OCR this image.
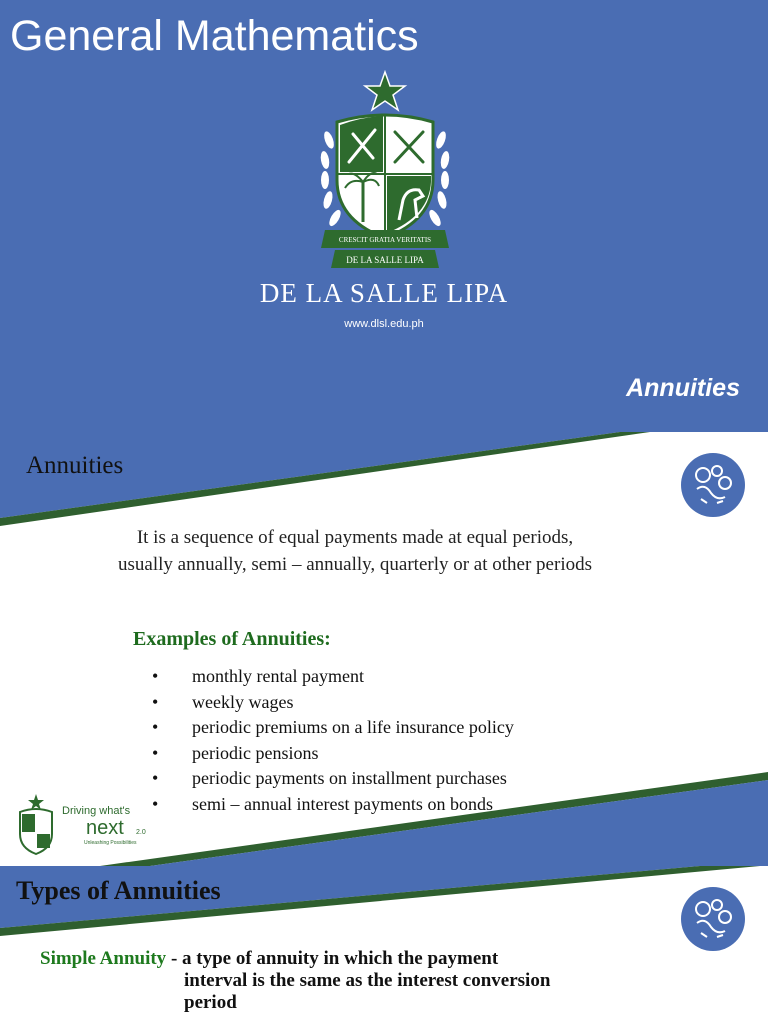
General Mathematics
CRESCIT GRATIA VERITATIS
DE LA SALLE LIPA
DE LA SALLE LIPA
www.dlsl.edu.ph
Annuities
Annuities
It is a sequence of equal payments made at equal periods,
usually annually, semi – annually, quarterly or at other periods
Examples of Annuities:
• monthly rental payment
• weekly wages
• periodic premiums on a life insurance policy
• periodic pensions
• periodic payments on installment purchases
• semi – annual interest payments on bonds
Driving what's
next 2.0
Unleashing Possibilities
Types of Annuities
Simple Annuity - a type of annuity in which the payment
interval is the same as the interest conversion
period
